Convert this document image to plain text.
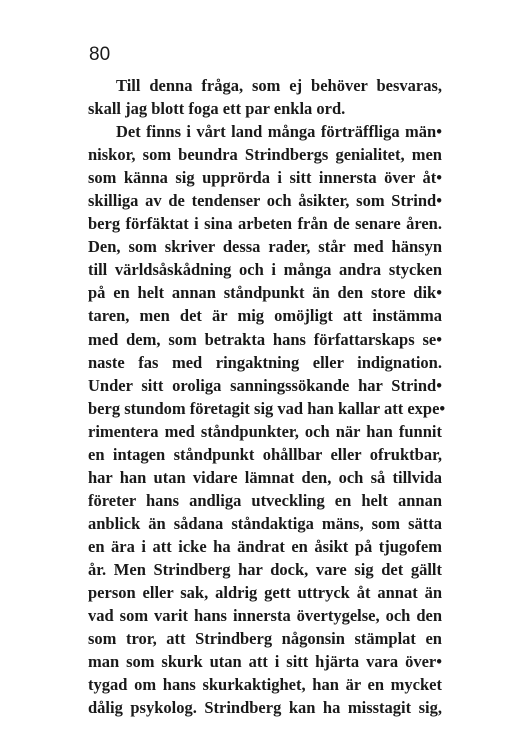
80
Till denna fråga, som ej behöver besvaras,
skall jag blott foga ett par enkla ord.
Det finns i vårt land många förträffliga män•
niskor, som beundra Strindbergs genialitet, men
som känna sig upprörda i sitt innersta över åt•
skilliga av de tendenser och åsikter, som Strind•
berg förfäktat i sina arbeten från de senare åren.
Den, som skriver dessa rader, står med hänsyn
till världsåskådning och i många andra stycken
på en helt annan ståndpunkt än den store dik•
taren, men det är mig omöjligt att instämma
med dem, som betrakta hans författarskaps se•
naste fas med ringaktning eller indignation.
Under sitt oroliga sanningssökande har Strind•
berg stundom företagit sig vad han kallar att expe•
rimentera med ståndpunkter, och när han funnit
en intagen ståndpunkt ohållbar eller ofruktbar,
har han utan vidare lämnat den, och så tillvida
företer hans andliga utveckling en helt annan
anblick än sådana ståndaktiga mäns, som sätta
en ära i att icke ha ändrat en åsikt på tjugofem
år. Men Strindberg har dock, vare sig det gällt
person eller sak, aldrig gett uttryck åt annat än
vad som varit hans innersta övertygelse, och den
som tror, att Strindberg någonsin stämplat en
man som skurk utan att i sitt hjärta vara över•
tygad om hans skurkaktighet, han är en mycket
dålig psykolog. Strindberg kan ha misstagit sig,
